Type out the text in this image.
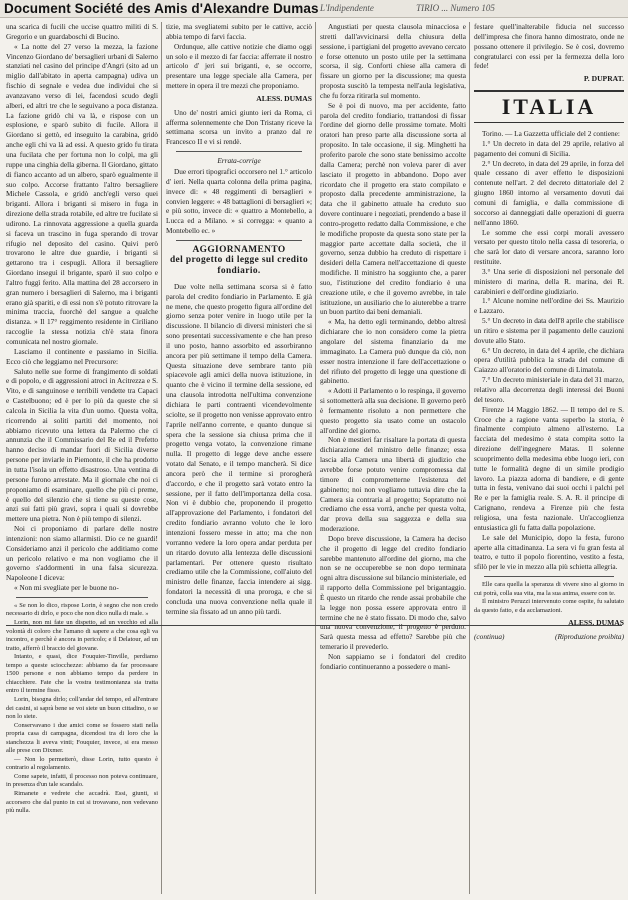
Document Société des Amis d'Alexandre Dumas L'Indipendente	TIRIO ... Numero 105

una scarica di fucili che uccise quattro militi di S. Gregorio e un guardaboschi di Bucino.

« La notte del 27 verso la mezza, la fazione Vincenzo Giordano de' bersaglieri urbani di Salerno stanziati nel casino del principe d'Angri (sito ad un miglio dall'abitato in aperta campagna) udiva un fischio di segnale e vedea due individui che si avanzavano verso di lei, facendosi scudo degli alberi, ed altri tre che le seguivano a poca distanza. La fazione gridò chi va là, e rispose con un esplosione, e sparò subito di fucile. Allora il Giordano si gettò, ed inseguito la carabina, gridò anche egli chi va là ad essi. A questo grido fu tirata una fucilata che per fortuna non lo colpì, ma gli ruppe una cinghia della giberna. Il Giordano, gittato di fianco accanto ad un albero, sparò egualmente il suo colpo. Accorse frattanto l'altro bersagliere Michele Cassola, e gridò anch'egli verso quei briganti. Allora i briganti si misero in fuga in direzione della strada rotabile, ed altre tre fucilate si udirono. La rinnovata aggressione a quella guarda si faceva un trascino in fuga sperando di trovar rifugio nel deposito del casino. Quivi però trovarono le altre due guardie, i briganti si gettarono tra i cespugli. Allora il bersagliere Giordano inseguì il brigante, sparò il suo colpo e l'altro fuggì ferito. Alla mattina del 28 accorsero in gran numero i bersaglieri di Salerno, ma i briganti erano già spariti, e di essi non s'è potuto ritrovare la minima traccia, fuorchè del sangue a qualche distanza. » Il 17° reggimento residente in Ciriliano raccoglie la stessa notizia ch'è stata finora comunicata nel nostro giornale.

Lasciamo il continente e passiamo in Sicilia. Ecco ciò che leggiamo nel Precursore:

Saluto nelle sue forme di frangimento di soldati e di popolo, e di aggressioni atroci in Acitrezza e S. Vito, e di sanguinose e terribili vendette tra Capaci e Castelbuono; ed è per lo più da queste che si calcola in Sicilia la vita d'un uomo. Questa volta, ricorrendo ai soliti partiti del momento, noi abbiamo ricevuto una lettera da Palermo che ci annunzia che il Commissario del Re ed il Prefetto hanno deciso di mandar fuori di Sicilia diverse persone per inviarle in Piemonte, il che ha prodotto in tutta l'isola un effetto disastroso. Una ventina di persone furono arrestate. Ma il giornale che noi ci proponiamo di esaminare, quello che più ci preme, è quello del silenzio che si tiene su queste cose, anzi sui fatti più gravi, sopra i quali si dovrebbe mettere una pietra. Non è più tempo di silenzi.

Noi ci proponiamo di parlare delle nostre intenzioni: non siamo allarmisti. Dio ce ne guardi! Consideriamo anzi il pericolo che additiamo come un pericolo relativo e ma non vogliamo che il governo s'addormenti in una falsa sicurezza. Napoleone I diceva:

« Non mi svegliate per le buone no-

« Se non lo dico, rispose Lorin, è segno che non credo necessario di dirlo, e poco che non dico nulla di male. »

Lorin, non mi fate un dispetto, ad un vecchio ed alla volontà di coloro che l'amano di sapere a che cosa egli va incontro, e perchè è ancora in pericolo; e il Delatour, ad un tratto, afferrò il braccio del giovane.

Intanto, e quasi, dice Fouquier-Tinville, perdiamo tempo a queste sciocchezze: abbiamo da far processare 1500 persone e non abbiamo tempo da perdere in chiacchiere. Fate che la vostra testimonianza sia tratta entro il termine fisso.

Lorin, bisogna dirlo; coll'andar del tempo, ed all'entrare dei casini, si saprà bene se voi siete un buon cittadino, o se non lo siete.

Conservavano i due amici come se fossero stati nella propria casa di campagna, dicendosi tra di loro che la stanchezza li aveva vinti; Fouquier, invece, si era messo alle prese con Dixmer.

— Non lo permetterò, disse Lorin, tutto questo è contrario al regolamento.

Come sapete, infatti, il processo non poteva continuare, in presenza d'un tale scandalo.

Rimanete e vedrete che accadrà. Essi, giunti, si accorsero che dal punto in cui si trovavano, non vedevano più nulla.

tizie, ma svegliatemi subito per le cattive, acciò abbia tempo di farvi faccia.

Ordunque, alle cattive notizie che diamo oggi un solo e il mezzo di far faccia: afferrate il nostro articolo d' jeri sui briganti, e, se occorre, presentare una legge speciale alla Camera, per mettere in opera il tre mezzi che proponiamo.

ALESS. DUMAS

Uno de' nostri amici giunto ieri da Roma, ci afferma solennemente che Don Tristany riceve la settimana scorsa un invito a pranzo dal re Francesco II e vi si rendè.

Errata-corrige

Due errori tipografici occorsero nel 1.° articolo d' ieri. Nella quarta colonna della prima pagina, invece di: « 48 reggimenti di bersaglieri » convien leggere: « 48 battaglioni di bersaglieri »; e più sotto, invece di: « quattro a Montebello, a Lucca ed a Milano. » si corregga: « quanto a Montebello ec. »

AGGIORNAMENTO
del progetto di legge sul credito fondiario.

Due volte nella settimana scorsa si è fatto parola del credito fondiario in Parlamento. E già ne mene, che questo progetto figura all'ordine del giorno senza poter venire in luogo utile per la discussione. Il bilancio di diversi ministeri che si sono presentati successivamente e che han preso il uno posto, hanno assorbito ed assorbiranno ancora per più settimane il tempo della Camera. Questa situazione deve sembrare tanto più spiacevole agli amici della nuova istituzione, in quanto che è vicino il termine della sessione, ed una clausola introdotta nell'ultima convenzione dichiara le parti contraenti vicendevolmente sciolte, se il progetto non venisse approvato entro l'aprile nell'anno corrente, e quanto dunque si spera che la sessione sia chiusa prima che il progetto venga votato, la convenzione rimane nulla. Il progetto di legge deve anche essere votato dal Senato, e il tempo mancherà. Si dice ancora però che il termine si prorogherà d'accordo, e che il progetto sarà votato entro la sessione, per il fatto dell'importanza della cosa. Non vi è dubbio che, proponendo il progetto all'approvazione del Parlamento, i fondatori del credito fondiario avranno voluto che le loro intenzioni fossero messe in atto; ma che non vorranno vedere la loro opera andar perduta per un ritardo dovuto alla lentezza delle discussioni parlamentari. Per ottenere questo risultato crediamo utile che la Commissione, coll'aiuto del ministro delle finanze, faccia intendere ai sigg. fondatori la necessità di una proroga, e che si concluda una nuova convenzione nella quale il termine sia fissato ad un anno più tardi.

Angustiati per questa clausola minacciosa e stretti dall'avvicinarsi della chiusura della sessione, i partigiani del progetto avevano cercato e forse ottenuto un posto utile per la settimana scorsa, il sig. Conforti chiese alla camera di fissare un giorno per la discussione; ma questa proposta suscitò la tempesta nell'aula legislativa, che fu forza ritirarla sul momento.

Se è poi di nuovo, ma per accidente, fatto parola del credito fondiario, trattandosi di fissar l'ordine del giorno delle prossime tornate. Molti oratori han preso parte alla discussione sorta al proposito. In tale occasione, il sig. Minghetti ha proferito parole che sono state benissimo accolte dalla Camera; perchè non voleva parer di aver lasciato il progetto in abbandono. Dopo aver ricordato che il progetto era stato compilato e proposto dalla precedente amministrazione, la data che il gabinetto attuale ha creduto suo dovere continuare i negoziati, prendendo a base il contro-progetto redatto dalla Commissione, e che le modifiche proposte da questa sono state per la maggior parte accettate dalla società, che il governo, senza dubbio ha creduto di rispettare i desideri della Camera nell'accettazione di queste modifiche. Il ministro ha soggiunto che, a parer suo, l'istituzione del credito fondiario è una creazione utile, e che il governo avrebbe, in tale istituzione, un ausiliario che lo aiuterebbe a trarre un buon partito dai beni demaniali.

« Ma, ha detto egli terminando, debbo altresì dichiarare che io non considero come la pietra angolare del sistema finanziario da me immaginato. La Camera può dunque da ciò, non esser nostra intenzione il fare dell'accettazione o del rifiuto del progetto di legge una questione di gabinetto.

« Adotti il Parlamento o lo respinga, il governo si sottometterà alla sua decisione. Il governo però è fermamente risoluto a non permettere che questo progetto sia usato come un ostacolo all'ordine del giorno.

Non è mestieri far risaltare la portata di questa dichiarazione del ministro delle finanze; essa lascia alla Camera una libertà di giudizio che avrebbe forse potuto venire compromessa dal timore di comprometterne l'esistenza del gabinetto; noi non vogliamo tuttavia dire che la Camera sia contraria al progetto; Sopratutto noi crediamo che essa vorrà, anche per questa volta, dar prova della sua saggezza e della sua moderazione.

Dopo breve discussione, la Camera ha deciso che il progetto di legge del credito fondiario sarebbe mantenuto all'ordine del giorno, ma che non se ne occuperebbe se non dopo terminata ogni altra discussione sul bilancio ministeriale, ed il rapporto della Commissione pel brigantaggio. È questo un ritardo che rende assai probabile che la legge non possa essere approvata entro il termine che ne è stato fissato. Di modo che, salvo una nuova convenzione, il progetto è perduto. Sarà questa messa ad effetto? Sarebbe più che temerario il prevederlo.

Non sappiamo se i fondatori del credito fondiario continueranno a possedere o mani-

festare quell'inalterabile fiducia nel successo dell'impresa che finora hanno dimostrato, onde ne possano ottenere il privilegio. Se è così, dovremo congratularci con essi per la fermezza della loro fede!

P. DUPRAT.
ITALIA

Torino. — La Gazzetta ufficiale del 2 contiene:

1.° Un decreto in data del 29 aprile, relativo al pagamento dei comuni di Sicilia.

2.° Un decreto, in data del 29 aprile, in forza del quale cessano di aver effetto le disposizioni contenute nell'art. 2 del decreto dittatoriale del 2 giugno 1860 intorno al versamento dovuti dai comuni di famiglia, e dalla commissione di soccorso ai danneggiati dalle operazioni di guerra nell'anno 1860.

Le somme che essi corpi morali avessero versato per questo titolo nella cassa di tesoreria, o che sarà lor dato di versare ancora, saranno loro restituite.

3.° Una serie di disposizioni nel personale del ministero di marina, della R. marina, dei R. carabinieri e dell'ordine giudiziario.

1.° Alcune nomine nell'ordine dei Ss. Maurizio e Lazzaro.

5.° Un decreto in data dell'8 aprile che stabilisce un ritiro e sistema per il pagamento delle cauzioni dovute allo Stato.

6.° Un decreto, in data del 4 aprile, che dichiara opera d'utilità pubblica la strada del comune di Caiazzo all'oratorio del comune di Limatola.

7.° Un decreto ministeriale in data del 31 marzo, relativo alla decorrenza degli interessi dei Buoni del tesoro.

Firenze 14 Maggio 1862. — Il tempo del re S. Croce che a ragione vanta superbo la storia, è finalmente compiuto almeno all'esterno. La facciata del medesimo è stata compita sotto la direzione dell'ingegnere Matas. Il solenne scuoprimento della medesima ebbe luogo ieri, con tutte le formalità degne di un simile prodigio lavoro. La piazza adorna di bandiere, e di gente tutta in festa, venivano dai suoi occhi i palchi pel Re e per la famiglia reale. S. A. R. il principe di Carignano, rendeva a Firenze più che festa religiosa, una festa nazionale. Un'accoglienza entusiastica gli fu fatta dalla popolazione.

Le sale del Municipio, dopo la festa, furono aperte alla cittadinanza. La sera vi fu gran festa al teatro, e tutto il popolo fiorentino, vestito a festa, sfilò per le vie in mezzo alla più schietta allegria.

Elle cara quella la speranza di vivere sino al giorno in cui potrà, colla sua vita, ma la sua anima, essere con te.

Il ministro Peruzzi intervenuto come ospite, fu salutato da questo fatto, e da acclamazioni.

ALESS. DUMAS
(continua)	(Riproduzione proibita)
